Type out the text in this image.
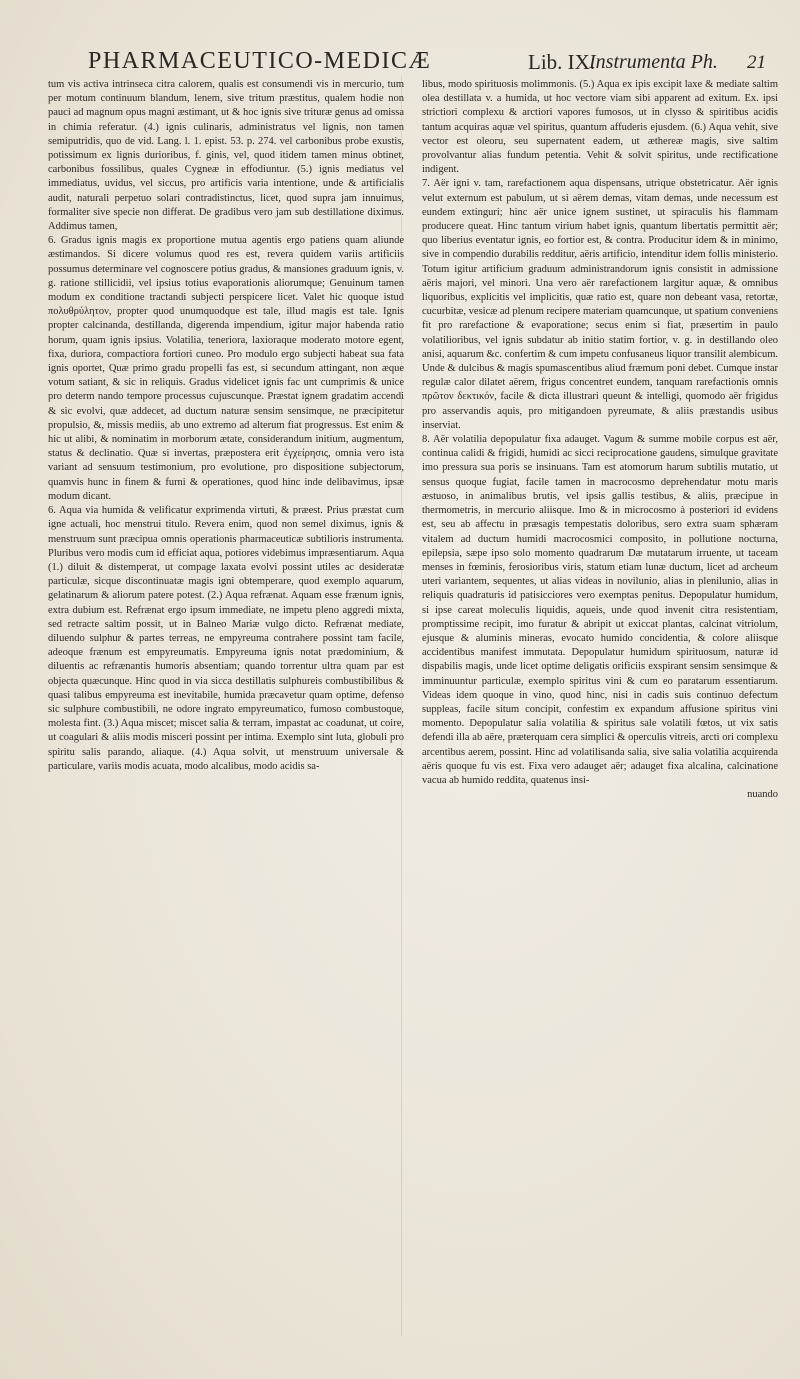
PHARMACEUTICO-MEDICÆ	Lib. IX.
Instrumenta Ph. 21

tum vis activa intrinseca citra calorem, qualis est consumendi vis in mercurio, tum per motum continuum blandum, lenem, sive tritum præstitus, qualem hodie non pauci ad magnum opus magni æstimant, ut & hoc ignis sive trituræ genus ad omissa in chimia referatur. (4.) ignis culinaris, administratus vel lignis, non tamen semiputridis, quo de vid. Lang. l. 1. epist. 53. p. 274. vel carbonibus probe exustis, potissimum ex lignis durioribus, f. ginis, vel, quod itidem tamen minus obtinet, carbonibus fossilibus, quales Cygneæ in effodiuntur. (5.) ignis mediatus vel immediatus, uvidus, vel siccus, pro artificis varia intentione, unde & artificialis audit, naturali perpetuo solari contradistinctus, licet, quod supra jam innuimus, formaliter sive specie non differat. De gradibus vero jam sub destillatione diximus. Addimus tamen,

6. Gradus ignis magis ex proportione mutua agentis ergo patiens quam aliunde æstimandos. Si dicere volumus quod res est, revera quidem variis artificiis possumus determinare vel cognoscere potius gradus, & mansiones graduum ignis, v. g. ratione stillicidii, vel ipsius totius evaporationis aliorumque; Genuinum tamen modum ex conditione tractandi subjecti perspicere licet. Valet hic quoque istud πολυθρύλητον, propter quod unumquodque est tale, illud magis est tale. Ignis propter calcinanda, destillanda, digerenda impendium, igitur major habenda ratio horum, quam ignis ipsius. Volatilia, teneriora, laxioraque moderato motore egent, fixa, duriora, compactiora fortiori cuneo. Pro modulo ergo subjecti habeat sua fata ignis oportet, Quæ primo gradu propelli fas est, si secundum attingant, non æque votum satiant, & sic in reliquis. Gradus videlicet ignis fac unt cumprimis & unice pro determ nando tempore processus cujuscunque. Præstat ignem gradatim accendi & sic evolvi, quæ addecet, ad ductum naturæ sensim sensimque, ne præcipitetur propulsio, &, missis mediis, ab uno extremo ad alterum fiat progressus. Est enim & hic ut alibi, & nominatim in morborum ætate, considerandum initium, augmentum, status & declinatio. Quæ si invertas, præpostera erit ἐγχείρησις, omnia vero ista variant ad sensuum testimonium, pro evolutione, pro dispositione subjectorum, quamvis hunc in finem & furni & operationes, quod hinc inde delibavimus, ipsæ modum dicant.

6. Aqua via humida & velificatur exprimenda virtuti, & præest. Prius præstat cum igne actuali, hoc menstrui titulo. Revera enim, quod non semel diximus, ignis & menstruum sunt præcipua omnis operationis pharmaceuticæ subtilioris instrumenta. Pluribus vero modis cum id efficiat aqua, potiores videbimus impræsentiarum. Aqua (1.) diluit & distemperat, ut compage laxata evolvi possint utiles ac desideratæ particulæ, sicque discontinuatæ magis igni obtemperare, quod exemplo aquarum, gelatinarum & aliorum patere potest. (2.) Aqua refrænat. Aquam esse frænum ignis, extra dubium est. Refrænat ergo ipsum immediate, ne impetu pleno aggredi mixta, sed retracte saltim possit, ut in Balneo Mariæ vulgo dicto. Refrænat mediate, diluendo sulphur & partes terreas, ne empyreuma contrahere possint tam facile, adeoque frænum est empyreumatis. Empyreuma ignis notat prædominium, & diluentis ac refrænantis humoris absentiam; quando torrentur ultra quam par est objecta quæcunque. Hinc quod in via sicca destillatis sulphureis combustibilibus & quasi talibus empyreuma est inevitabile, humida præcavetur quam optime, defenso sic sulphure combustibili, ne odore ingrato empyreumatico, fumoso combustoque, molesta fint. (3.) Aqua miscet; miscet salia & terram, impastat ac coadunat, ut coire, ut coagulari & aliis modis misceri possint per intima. Exemplo sint luta, globuli pro spiritu salis parando, aliaque. (4.) Aqua solvit, ut menstruum universale & particulare, variis modis acuata, modo alcalibus, modo acidis sa-

libus, modo spirituosis molimmonis. (5.) Aqua ex ipis excipit laxe & mediate saltim olea destillata v. a humida, ut hoc vectore viam sibi apparent ad exitum. Ex. ipsi strictiori complexu & arctiori vapores fumosos, ut in clysso & spiritibus acidis tantum acquiras aquæ vel spiritus, quantum affuderis ejusdem. (6.) Aqua vehit, sive vector est oleoru, seu supernatent eadem, ut æthereæ magis, sive saltim provolvantur alias fundum petentia. Vehit & solvit spiritus, unde rectificatione indigent.

7. Aër igni v. tam, rarefactionem aqua dispensans, utrique obstetricatur. Aër ignis velut externum est pabulum, ut si aërem demas, vitam demas, unde necessum est eundem extinguri; hinc aër unice ignem sustinet, ut spiraculis his flammam producere queat. Hinc tantum virium habet ignis, quantum libertatis permittit aër; quo liberius eventatur ignis, eo fortior est, & contra. Producitur idem & in minimo, sive in compendio durabilis redditur, aëris artificio, intenditur idem follis ministerio. Totum igitur artificium graduum administrandorum ignis consistit in admissione aëris majori, vel minori. Una vero aër rarefactionem largitur aquæ, & omnibus liquoribus, explicitis vel implicitis, quæ ratio est, quare non debeant vasa, retortæ, cucurbitæ, vesicæ ad plenum recipere materiam quamcunque, ut spatium conveniens fit pro rarefactione & evaporatione; secus enim si fiat, præsertim in paulo volatilioribus, vel ignis subdatur ab initio statim fortior, v. g. in destillando oleo anisi, aquarum &c. confertim & cum impetu confusaneus liquor transilit alembicum. Unde & dulcibus & magis spumascentibus aliud fræmum poni debet. Cumque instar regulæ calor dilatet aërem, frigus concentret eundem, tanquam rarefactionis omnis πρῶτον δεκτικόν, facile & dicta illustrari queunt & intelligi, quomodo aër frigidus pro asservandis aquis, pro mitigandoen pyreumate, & aliis præstandis usibus inserviat.

8. Aër volatilia depopulatur fixa adauget. Vagum & summe mobile corpus est aër, continua calidi & frigidi, humidi ac sicci reciprocatione gaudens, simulque gravitate imo pressura sua poris se insinuans. Tam est atomorum harum subtilis mutatio, ut sensus quoque fugiat, facile tamen in macrocosmo deprehendatur motu maris æstuoso, in animalibus brutis, vel ipsis gallis testibus, & aliis, præcipue in thermometris, in mercurio aliisque. Imo & in microcosmo à posteriori id evidens est, seu ab affectu in præsagis tempestatis doloribus, sero extra suam sphæram vitalem ad ductum humidi macrocosmici composito, in pollutione nocturna, epilepsia, sæpe ipso solo momento quadrarum Dæ mutatarum irruente, ut taceam menses in fœminis, ferosioribus viris, statum etiam lunæ ductum, licet ad archeum uteri variantem, sequentes, ut alias videas in novilunio, alias in plenilunio, alias in reliquis quadraturis id patisicciores vero exemptas penitus. Depopulatur humidum, si ipse careat moleculis liquidis, aqueis, unde quod invenit citra resistentiam, promptissime recipit, imo furatur & abripit ut exiccat plantas, calcinat vitriolum, ejusque & aluminis mineras, evocato humido concidentia, & colore aliisque accidentibus manifest immutata. Depopulatur humidum spirituosum, naturæ id dispabilis magis, unde licet optime deligatis orificiis exspirant sensim sensimque & imminuuntur particulæ, exemplo spiritus vini & cum eo paratarum essentiarum. Videas idem quoque in vino, quod hinc, nisi in cadis suis continuo defectum suppleas, facile situm concipit, confestim ex expandum affusione spiritus vini momento. Depopulatur salia volatilia & spiritus sale volatili fœtos, ut vix satis defendi illa ab aëre, præterquam cera simplici & operculis vitreis, arcti ori complexu arcentibus aerem, possint. Hinc ad volatilisanda salia, sive salia volatilia acquirenda aëris quoque fu vis est. Fixa vero adauget aër; adauget fixa alcalina, calcinatione vacua ab humido reddita, quatenus insi-

nuando
